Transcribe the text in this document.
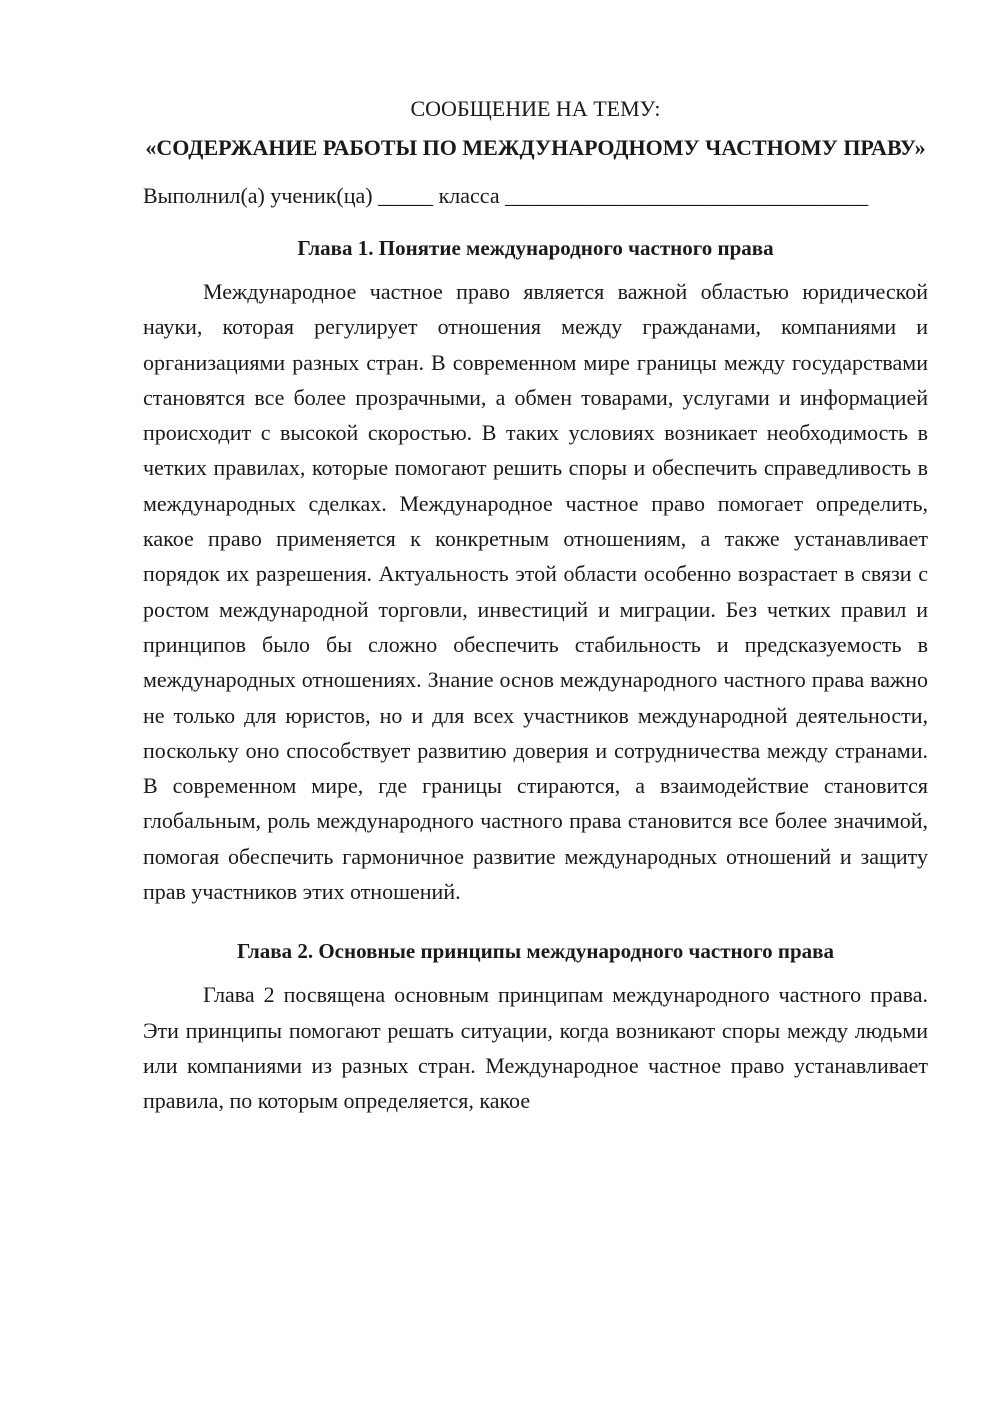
СООБЩЕНИЕ НА ТЕМУ:

«СОДЕРЖАНИЕ РАБОТЫ ПО МЕЖДУНАРОДНОМУ ЧАСТНОМУ ПРАВУ»

Выполнил(а) ученик(ца) _____ класса _________________________________

Глава 1. Понятие международного частного права

Международное частное право является важной областью юридической науки, которая регулирует отношения между гражданами, компаниями и организациями разных стран. В современном мире границы между государствами становятся все более прозрачными, а обмен товарами, услугами и информацией происходит с высокой скоростью. В таких условиях возникает необходимость в четких правилах, которые помогают решить споры и обеспечить справедливость в международных сделках. Международное частное право помогает определить, какое право применяется к конкретным отношениям, а также устанавливает порядок их разрешения. Актуальность этой области особенно возрастает в связи с ростом международной торговли, инвестиций и миграции. Без четких правил и принципов было бы сложно обеспечить стабильность и предсказуемость в международных отношениях. Знание основ международного частного права важно не только для юристов, но и для всех участников международной деятельности, поскольку оно способствует развитию доверия и сотрудничества между странами. В современном мире, где границы стираются, а взаимодействие становится глобальным, роль международного частного права становится все более значимой, помогая обеспечить гармоничное развитие международных отношений и защиту прав участников этих отношений.

Глава 2. Основные принципы международного частного права

Глава 2 посвящена основным принципам международного частного права. Эти принципы помогают решать ситуации, когда возникают споры между людьми или компаниями из разных стран. Международное частное право устанавливает правила, по которым определяется, какое
